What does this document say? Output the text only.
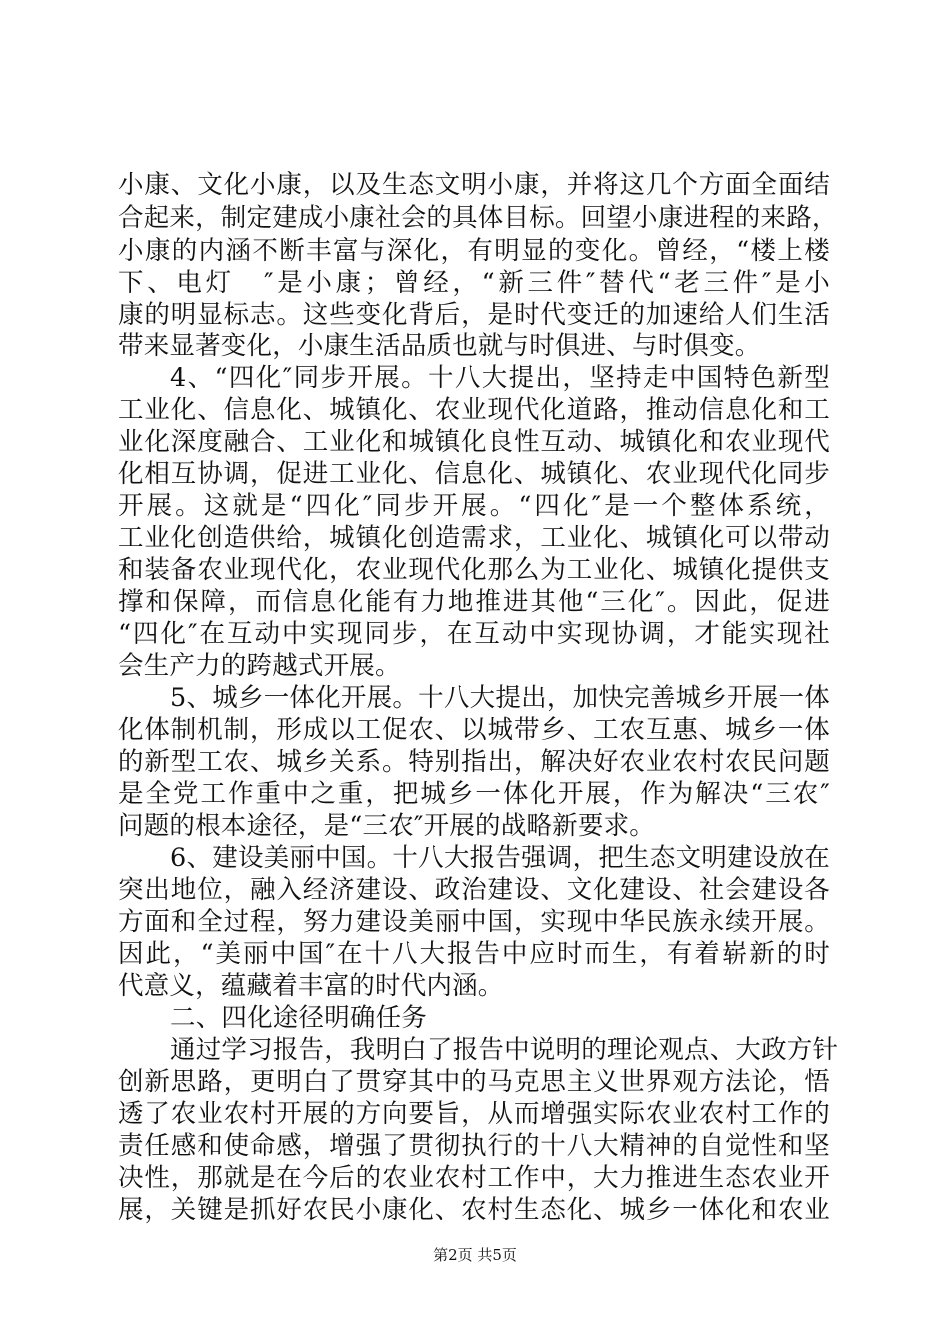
小康、文化小康，以及生态文明小康，并将这几个方面全面结
合起来，制定建成小康社会的具体目标。回望小康进程的来路，
小康的内涵不断丰富与深化，有明显的变化。曾经，“楼上楼
下、电灯　″是小康；曾经，“新三件″替代“老三件″是小
康的明显标志。这些变化背后，是时代变迁的加速给人们生活
带来显著变化，小康生活品质也就与时俱进、与时俱变。
4、“四化″同步开展。十八大提出，坚持走中国特色新型
工业化、信息化、城镇化、农业现代化道路，推动信息化和工
业化深度融合、工业化和城镇化良性互动、城镇化和农业现代
化相互协调，促进工业化、信息化、城镇化、农业现代化同步
开展。这就是“四化″同步开展。“四化″是一个整体系统，
工业化创造供给，城镇化创造需求，工业化、城镇化可以带动
和装备农业现代化，农业现代化那么为工业化、城镇化提供支
撑和保障，而信息化能有力地推进其他“三化″。因此，促进
“四化″在互动中实现同步，在互动中实现协调，才能实现社
会生产力的跨越式开展。
5、城乡一体化开展。十八大提出，加快完善城乡开展一体
化体制机制，形成以工促农、以城带乡、工农互惠、城乡一体
的新型工农、城乡关系。特别指出，解决好农业农村农民问题
是全党工作重中之重，把城乡一体化开展，作为解决“三农″
问题的根本途径，是“三农″开展的战略新要求。
6、建设美丽中国。十八大报告强调，把生态文明建设放在
突出地位，融入经济建设、政治建设、文化建设、社会建设各
方面和全过程，努力建设美丽中国，实现中华民族永续开展。
因此，“美丽中国″在十八大报告中应时而生，有着崭新的时
代意义，蕴藏着丰富的时代内涵。
二、四化途径明确任务
通过学习报告，我明白了报告中说明的理论观点、大政方针
创新思路，更明白了贯穿其中的马克思主义世界观方法论，悟
透了农业农村开展的方向要旨，从而增强实际农业农村工作的
责任感和使命感，增强了贯彻执行的十八大精神的自觉性和坚
决性，那就是在今后的农业农村工作中，大力推进生态农业开
展，关键是抓好农民小康化、农村生态化、城乡一体化和农业
第2页 共5页
